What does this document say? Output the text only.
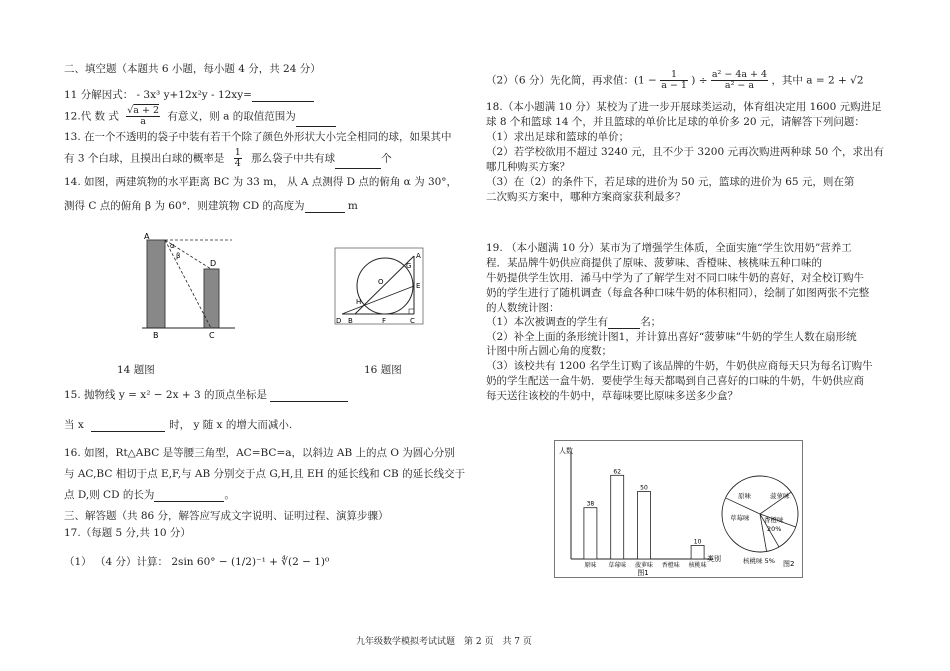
二、填空题（本题共 6 小题，每小题 4 分，共 24 分）
11 分解因式： - 3x³ y+12x²y - 12xy=
12.代 数 式 $\frac{√a + 2}{a}$ 有意义，则 a 的取值范围为
13. 在一个不透明的袋子中装有若干个除了颜色外形状大小完全相同的球，如果其中
有 3 个白球，且摸出白球的概率是 $\frac{1}{4}$ 那么袋子中共有球	个
14. 如图，两建筑物的水平距离 BC 为 33 m， 从 A 点测得 D 点的俯角 α 为 30°，
测得 C 点的俯角 β 为 60°．则建筑物 CD 的高度为	m
A
B	C
D
α
β
14 题图
D B	F	C
A
E
G
H
O
16 题图
15. 抛物线 y = x² − 2x + 3 的顶点坐标是
当 x	时， y 随 x 的增大而减小.
16. 如图，Rt△ABC 是等腰三角型，AC=BC=a，以斜边 AB 上的点 O 为圆心分别
与 AC,BC 相切于点 E,F,与 AB 分别交于点 G,H,且 EH 的延长线和 CB 的延长线交于
点 D,则 CD 的长为	。
三、解答题（共 86 分，解答应写成文字说明、证明过程、演算步骤）
17.（每题 5 分,共 10 分）
（1） （4 分）计算： 2sin 60° − (1/2)⁻¹ + ∜(2 − 1)⁰
（2）（6 分）先化简，再求值：($1 - \frac{1}{a - 1}$ ) ÷ $\frac{\text{a² − 4a + 4}}{\text{a² − a}}$ ，其中 a = 2 + √2
18.（本小题满 10 分）某校为了进一步开展球类运动，体育组决定用 1600 元购进足
球 8 个和篮球 14 个，并且篮球的单价比足球的单价多 20 元，请解答下列问题：
（1）求出足球和篮球的单价；
（2）若学校欲用不超过 3240 元，且不少于 3200 元再次购进两种球 50 个，求出有
哪几种购买方案？
（3）在（2）的条件下，若足球的进价为 50 元，篮球的进价为 65 元，则在第
二次购买方案中，哪种方案商家获利最多？
19. （本小题满 10 分）某市为了增强学生体质，全面实施“学生饮用奶”营养工
程．某品牌牛奶供应商提供了原味、菠萝味、香橙味、核桃味五种口味的
牛奶提供学生饮用．浠马中学为了了解学生对不同口味牛奶的喜好，对全校订购牛
奶的学生进行了随机调查（每盒各种口味牛奶的体积相同），绘制了如图两张不完整
的人数统计图：
（1）本次被调查的学生有	名；
（2）补全上面的条形统计图1，并计算出喜好“菠萝味”牛奶的学生人数在扇形统
计图中所占圆心角的度数；
（3）该校共有 1200 名学生订购了该品牌的牛奶，牛奶供应商每天只为每名订购牛
奶的学生配送一盒牛奶．要使学生每天都喝到自己喜好的口味的牛奶，牛奶供应商
每天送往该校的牛奶中，草莓味要比原味多送多少盒？
人数
类别
38
原味
62
草莓味
50
菠萝味 香橙味
10
核桃味
图1
原味	菠萝味
草莓味 香橙味
核桃味 5%
20%
图2
九年级数学模拟考试试题　第 2 页　共 7 页
